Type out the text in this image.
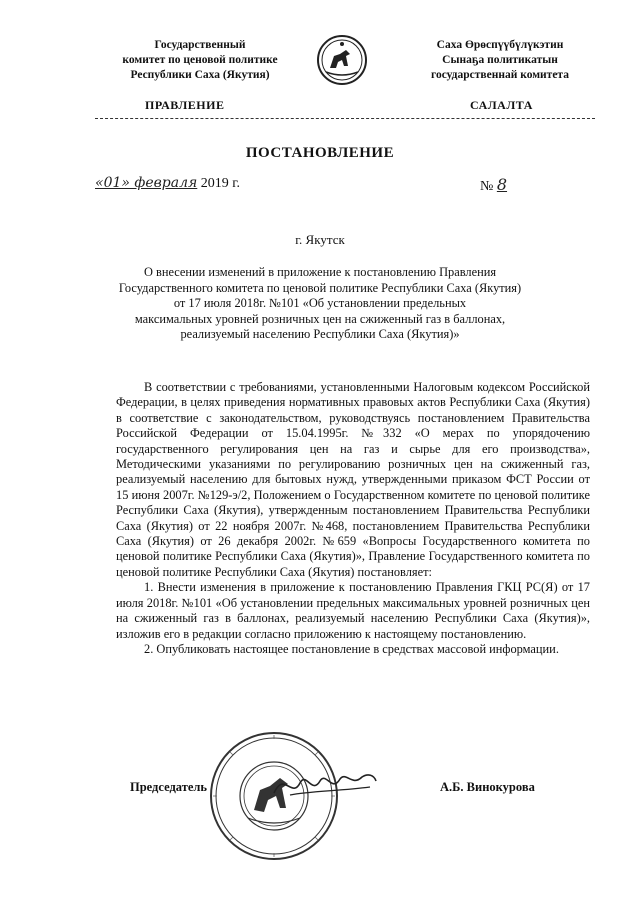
Государственный
комитет по ценовой политике
Республики Саха (Якутия)
Саха Өрөспүүбүлүкэтин
Сынаҕа политикатын
государственнай комитета
ПРАВЛЕНИЕ	САЛАЛТА
ПОСТАНОВЛЕНИЕ
«01» февраля 2019 г.	№ 8
г. Якутск
О внесении изменений в приложение к постановлению Правления
Государственного комитета по ценовой политике Республики Саха (Якутия)
от 17 июля 2018г. №101 «Об установлении предельных
максимальных уровней розничных цен на сжиженный газ в баллонах,
реализуемый населению Республики Саха (Якутия)»

В соответствии с требованиями, установленными Налоговым кодексом Российской Федерации, в целях приведения нормативных правовых актов Республики Саха (Якутия) в соответствие с законодательством, руководствуясь постановлением Правительства Российской Федерации от 15.04.1995г. №332 «О мерах по упорядочению государственного регулирования цен на газ и сырье для его производства», Методическими указаниями по регулированию розничных цен на сжиженный газ, реализуемый населению для бытовых нужд, утвержденными приказом ФСТ России от 15 июня 2007г. №129-э/2, Положением о Государственном комитете по ценовой политике Республики Саха (Якутия), утвержденным постановлением Правительства Республики Саха (Якутия) от 22 ноября 2007г. №468, постановлением Правительства Республики Саха (Якутия) от 26 декабря 2002г. №659 «Вопросы Государственного комитета по ценовой политике Республики Саха (Якутия)», Правление Государственного комитета по ценовой политике Республики Саха (Якутия) постановляет:

1. Внести изменения в приложение к постановлению Правления ГКЦ РС(Я) от 17 июля 2018г. №101 «Об установлении предельных максимальных уровней розничных цен на сжиженный газ в баллонах, реализуемый населению Республики Саха (Якутия)», изложив его в редакции согласно приложению к настоящему постановлению.

2. Опубликовать настоящее постановление в средствах массовой информации.

Председатель	А.Б. Винокурова
